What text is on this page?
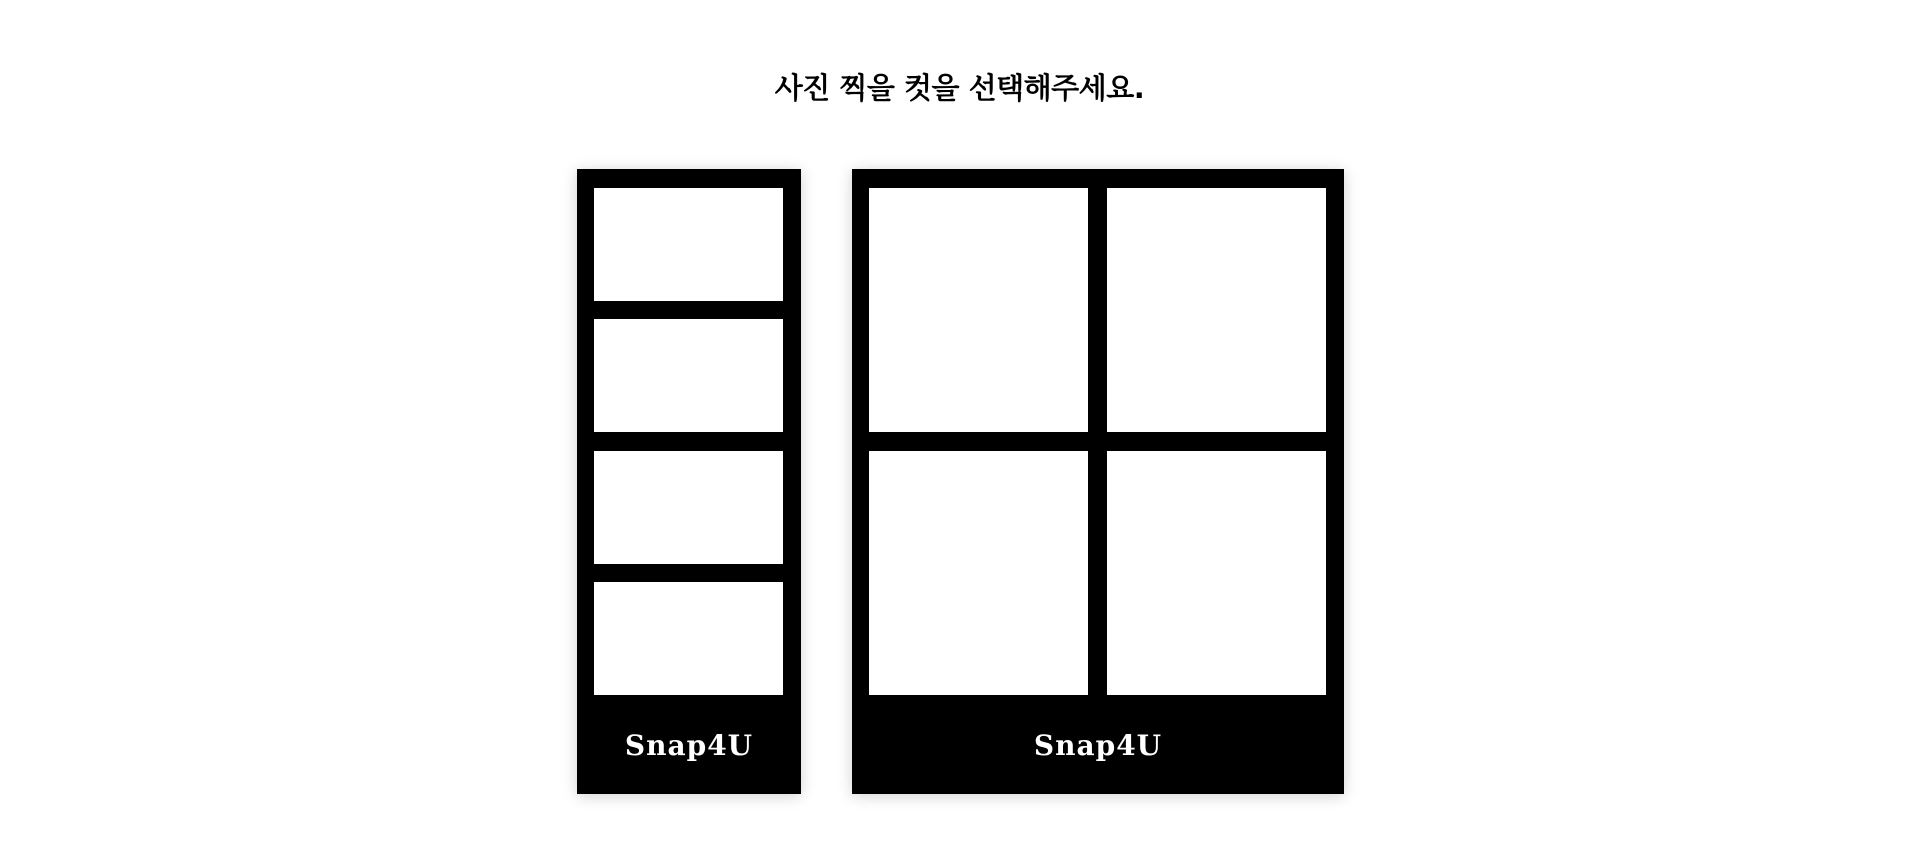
사진 찍을 컷을 선택해주세요.
Snap4U	Snap4U
